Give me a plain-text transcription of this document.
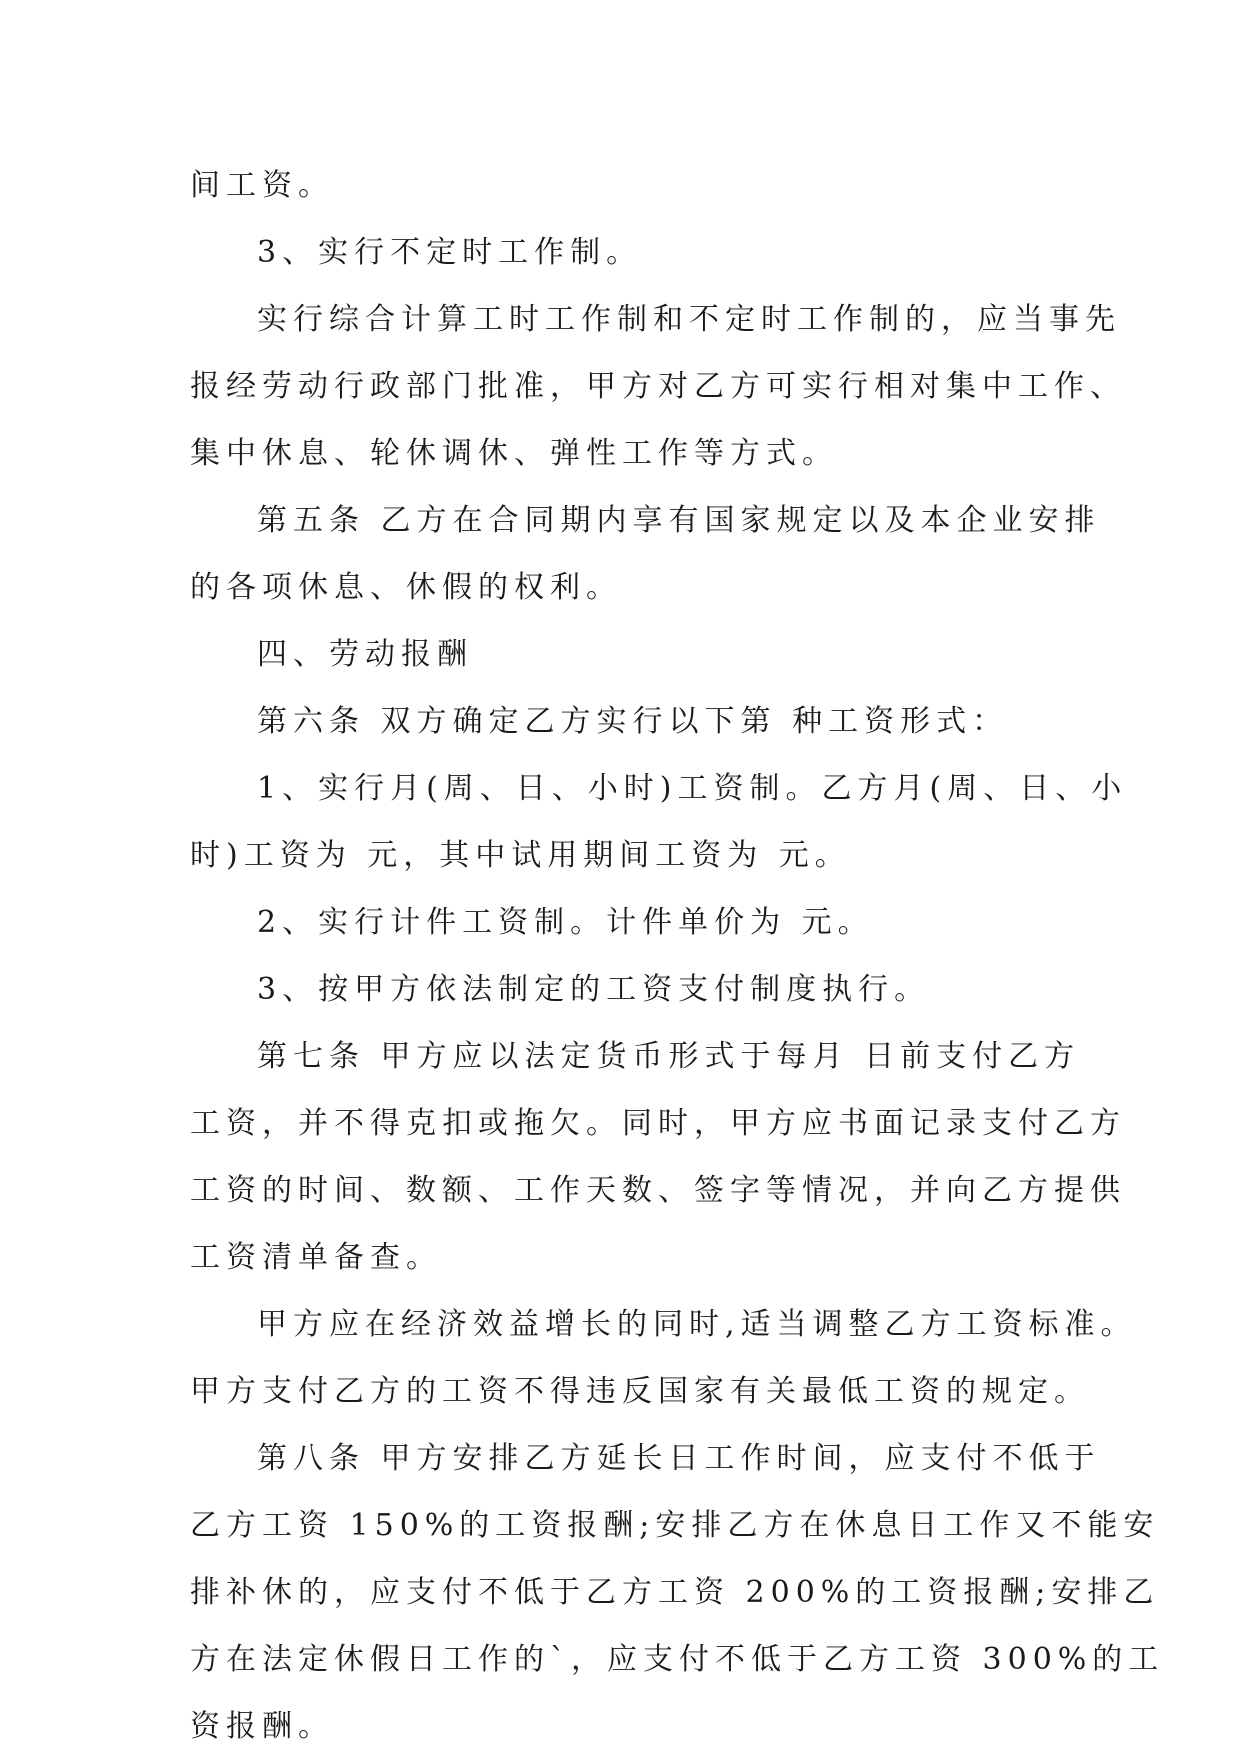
间工资。
3、实行不定时工作制。
实行综合计算工时工作制和不定时工作制的，应当事先
报经劳动行政部门批准，甲方对乙方可实行相对集中工作、
集中休息、轮休调休、弹性工作等方式。
第五条 乙方在合同期内享有国家规定以及本企业安排
的各项休息、休假的权利。
四、劳动报酬
第六条 双方确定乙方实行以下第 种工资形式：
1、实行月(周、日、小时)工资制。乙方月(周、日、小
时)工资为 元，其中试用期间工资为 元。
2、实行计件工资制。计件单价为 元。
3、按甲方依法制定的工资支付制度执行。
第七条 甲方应以法定货币形式于每月 日前支付乙方
工资，并不得克扣或拖欠。同时，甲方应书面记录支付乙方
工资的时间、数额、工作天数、签字等情况，并向乙方提供
工资清单备查。
甲方应在经济效益增长的同时,适当调整乙方工资标准。
甲方支付乙方的工资不得违反国家有关最低工资的规定。
第八条 甲方安排乙方延长日工作时间，应支付不低于
乙方工资 150%的工资报酬;安排乙方在休息日工作又不能安
排补休的，应支付不低于乙方工资 200%的工资报酬;安排乙
方在法定休假日工作的`，应支付不低于乙方工资 300%的工
资报酬。
